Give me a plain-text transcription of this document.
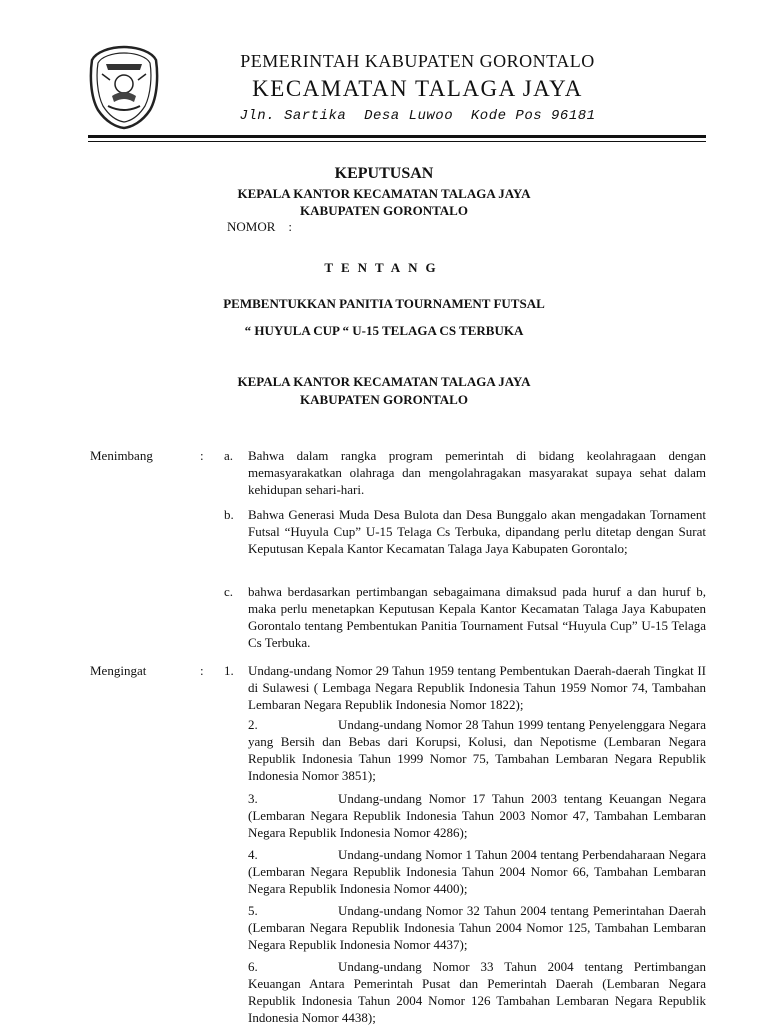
PEMERINTAH KABUPATEN GORONTALO
KECAMATAN TALAGA JAYA
Jln. Sartika  Desa Luwoo  Kode Pos 96181
KEPUTUSAN
KEPALA KANTOR KECAMATAN TALAGA JAYA
KABUPATEN GORONTALO
NOMOR    :
TENTANG
PEMBENTUKKAN PANITIA TOURNAMENT FUTSAL
“ HUYULA CUP “ U-15 TELAGA CS TERBUKA
KEPALA KANTOR KECAMATAN TALAGA JAYA
KABUPATEN GORONTALO
Menimbang	: a.	Bahwa dalam rangka program pemerintah di bidang keolahragaan dengan memasyarakatkan olahraga dan mengolahragakan masyarakat supaya sehat dalam kehidupan sehari-hari.
b.	Bahwa Generasi Muda Desa Bulota dan Desa Bunggalo akan mengadakan Tornament Futsal “Huyula Cup” U-15 Telaga Cs Terbuka, dipandang perlu ditetap dengan Surat Keputusan Kepala Kantor Kecamatan Talaga Jaya Kabupaten Gorontalo;
c.	bahwa berdasarkan pertimbangan sebagaimana dimaksud pada huruf a dan huruf b, maka perlu menetapkan Keputusan Kepala Kantor Kecamatan Talaga Jaya Kabupaten Gorontalo tentang Pembentukan Panitia Tournament Futsal “Huyula Cup” U-15 Telaga Cs Terbuka.
Mengingat	: 1.	Undang-undang Nomor 29 Tahun 1959 tentang Pembentukan Daerah-daerah Tingkat II di Sulawesi ( Lembaga Negara Republik Indonesia Tahun 1959 Nomor 74, Tambahan Lembaran Negara Republik Indonesia Nomor 1822);
2.	Undang-undang Nomor 28 Tahun 1999 tentang Penyelenggara Negara yang Bersih dan Bebas dari Korupsi, Kolusi, dan Nepotisme (Lembaran Negara Republik Indonesia Tahun 1999 Nomor 75, Tambahan Lembaran Negara Republik Indonesia Nomor 3851);
3.	Undang-undang Nomor 17 Tahun 2003 tentang Keuangan Negara (Lembaran Negara Republik Indonesia Tahun 2003 Nomor 47, Tambahan Lembaran Negara Republik Indonesia Nomor 4286);
4.	Undang-undang Nomor 1 Tahun 2004 tentang Perbendaharaan Negara (Lembaran Negara Republik Indonesia Tahun 2004 Nomor 66, Tambahan Lembaran Negara Republik Indonesia Nomor 4400);
5.	Undang-undang Nomor 32 Tahun 2004 tentang Pemerintahan Daerah (Lembaran Negara Republik Indonesia Tahun 2004 Nomor 125, Tambahan Lembaran Negara Republik Indonesia Nomor 4437);
6.	Undang-undang Nomor 33 Tahun 2004 tentang Pertimbangan Keuangan Antara Pemerintah Pusat dan Pemerintah Daerah (Lembaran Negara Republik Indonesia Tahun 2004 Nomor 126 Tambahan Lembaran Negara Republik Indonesia Nomor 4438);
